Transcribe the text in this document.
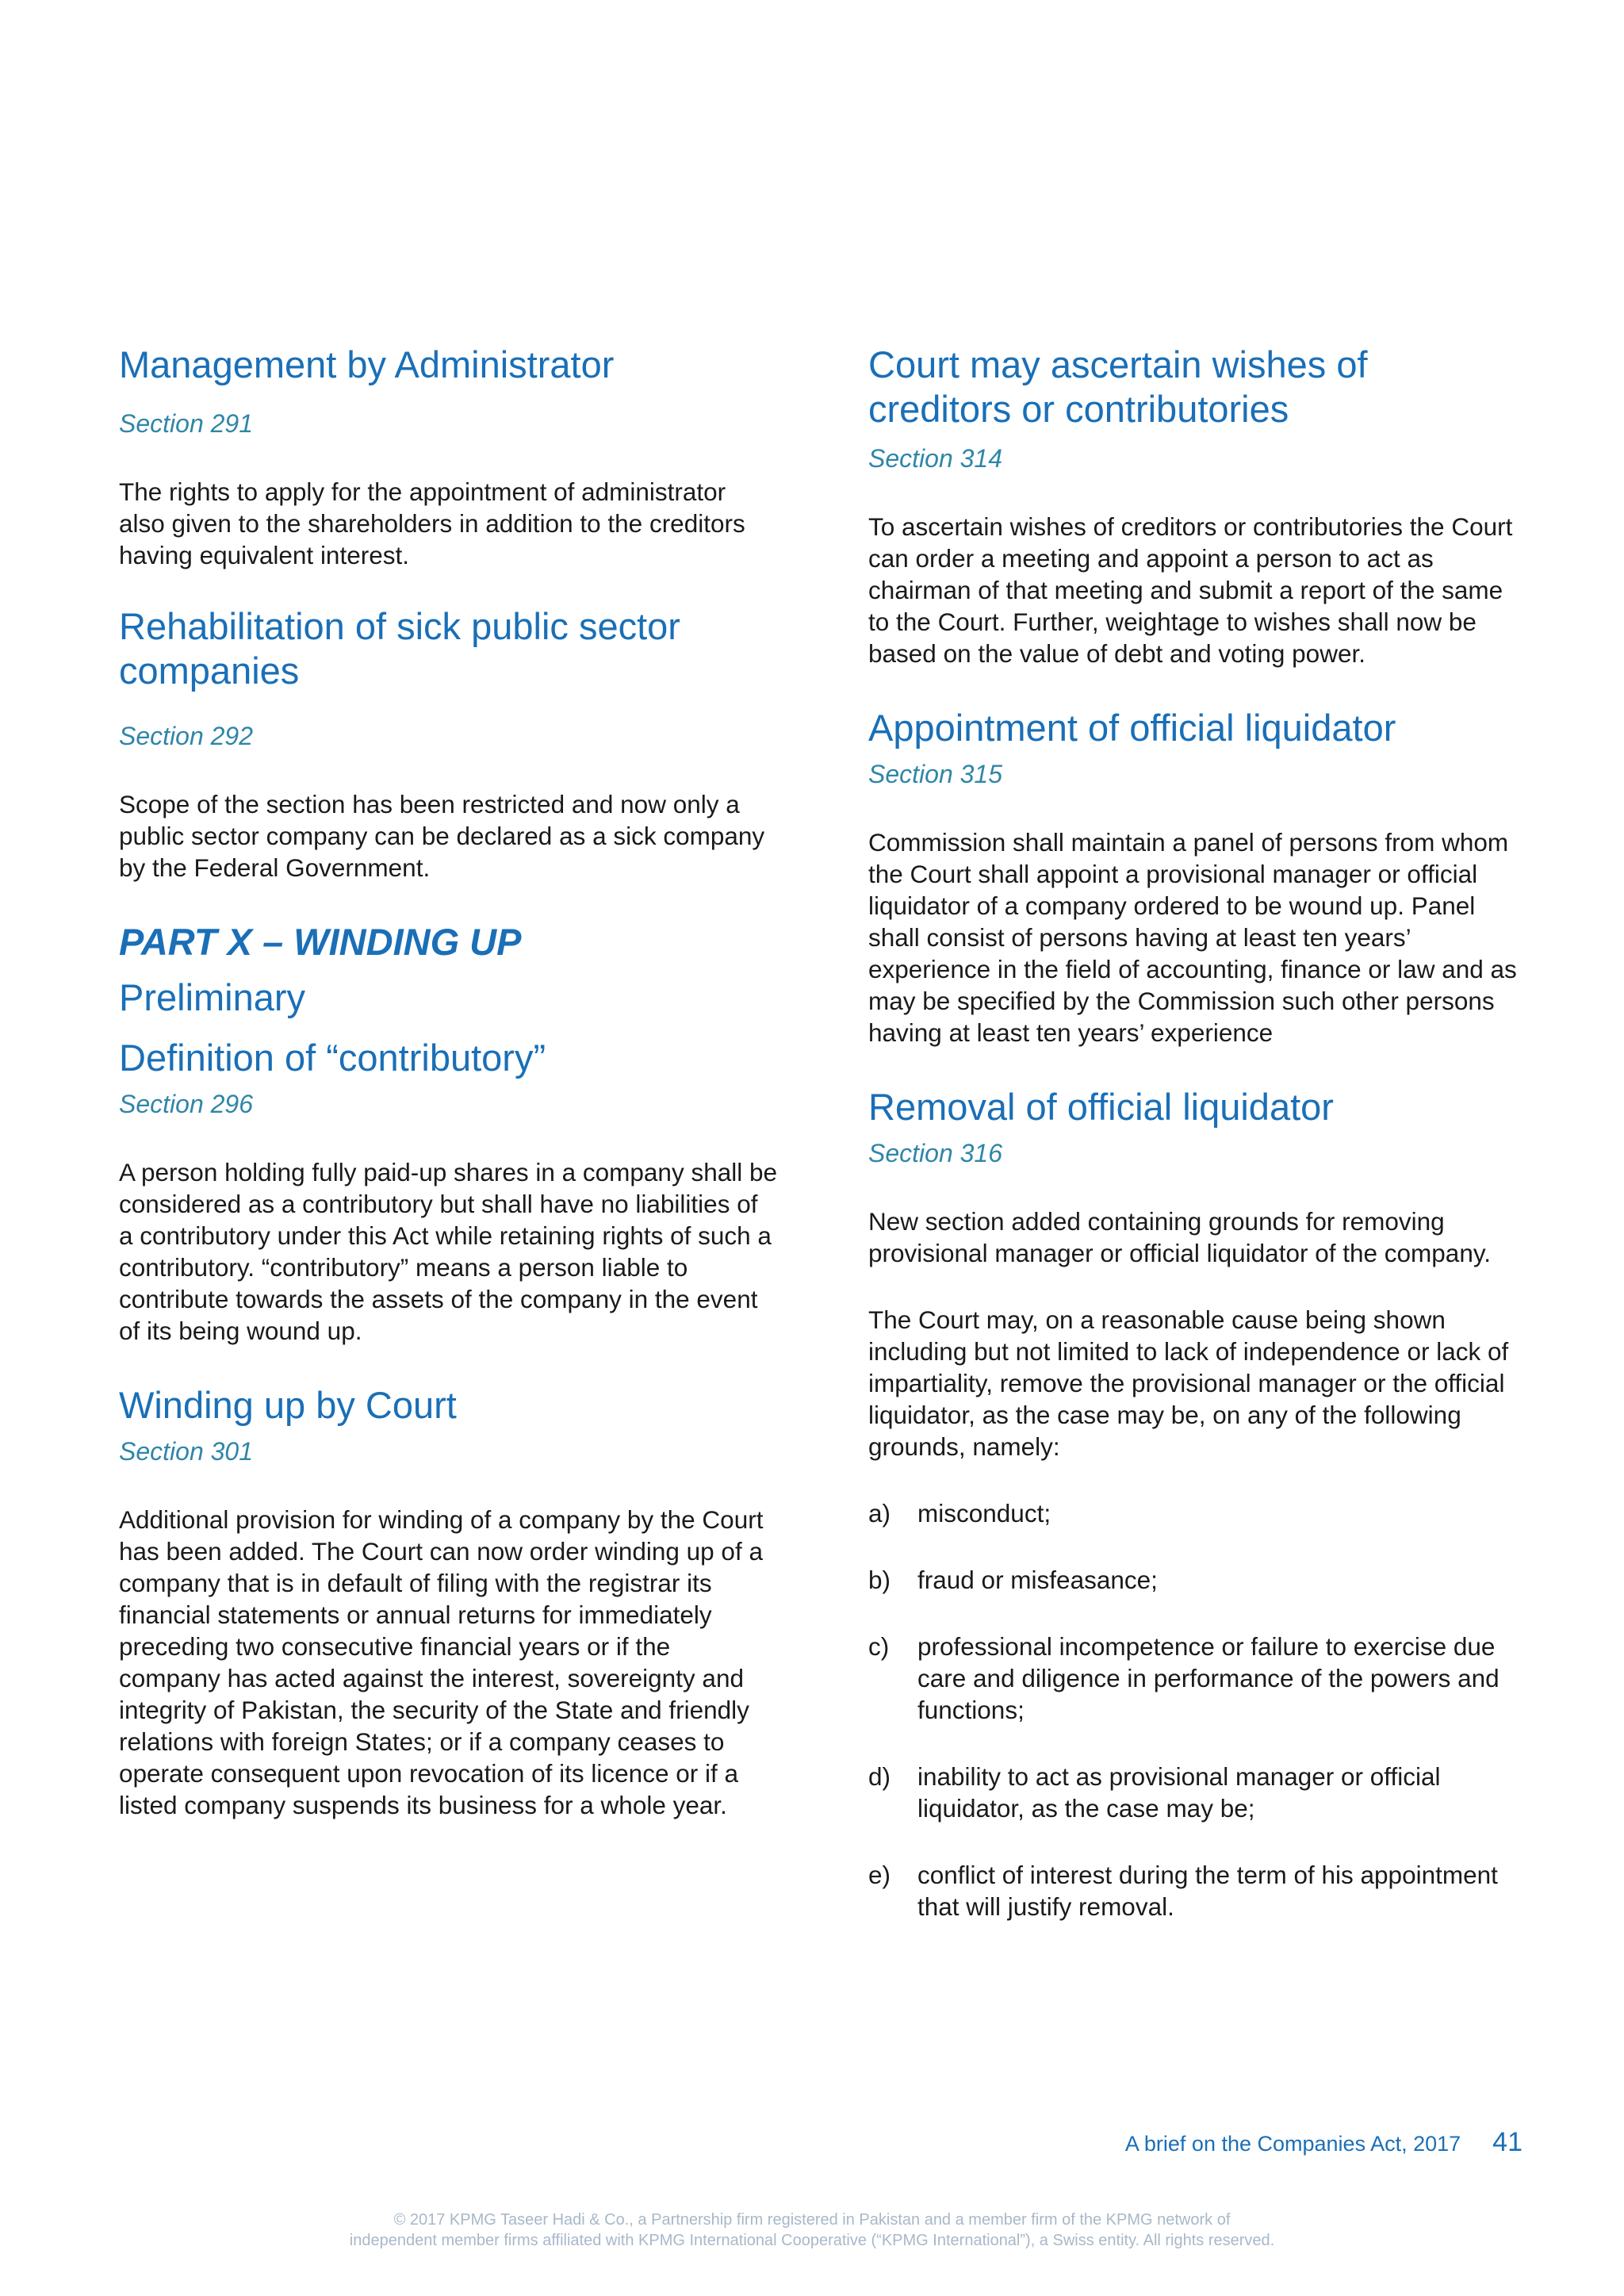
Management by Administrator
Section 291

The rights to apply for the appointment of administrator also given to the shareholders in addition to the creditors having equivalent interest.

Rehabilitation of sick public sector companies
Section 292

Scope of the section has been restricted and now only a public sector company can be declared as a sick company by the Federal Government.

PART X – WINDING UP
Preliminary
Definition of “contributory”
Section 296

A person holding fully paid-up shares in a company shall be considered as a contributory but shall have no liabilities of a contributory under this Act while retaining rights of such a contributory. “contributory” means a person liable to contribute towards the assets of the company in the event of its being wound up.

Winding up by Court
Section 301

Additional provision for winding of a company by the Court has been added. The Court can now order winding up of a company that is in default of filing with the registrar its financial statements or annual returns for immediately preceding two consecutive financial years or if the company has acted against the interest, sovereignty and integrity of Pakistan, the security of the State and friendly relations with foreign States; or if a company ceases to operate consequent upon revocation of its licence or if a listed company suspends its business for a whole year.

Court may ascertain wishes of creditors or contributories
Section 314

To ascertain wishes of creditors or contributories the Court can order a meeting and appoint a person to act as chairman of that meeting and submit a report of the same to the Court. Further, weightage to wishes shall now be based on the value of debt and voting power.

Appointment of official liquidator
Section 315

Commission shall maintain a panel of persons from whom the Court shall appoint a provisional manager or official liquidator of a company ordered to be wound up. Panel shall consist of persons having at least ten years’ experience in the field of accounting, finance or law and as may be specified by the Commission such other persons having at least ten years’ experience

Removal of official liquidator
Section 316

New section added containing grounds for removing provisional manager or official liquidator of the company.

The Court may, on a reasonable cause being shown including but not limited to lack of independence or lack of impartiality, remove the provisional manager or the official liquidator, as the case may be, on any of the following grounds, namely:

a) misconduct;
b) fraud or misfeasance;
c) professional incompetence or failure to exercise due care and diligence in performance of the powers and functions;
d) inability to act as provisional manager or official liquidator, as the case may be;
e) conflict of interest during the term of his appointment that will justify removal.
A brief on the Companies Act, 2017 41
© 2017 KPMG Taseer Hadi & Co., a Partnership firm registered in Pakistan and a member firm of the KPMG network of
independent member firms affiliated with KPMG International Cooperative (“KPMG International”), a Swiss entity. All rights reserved.
